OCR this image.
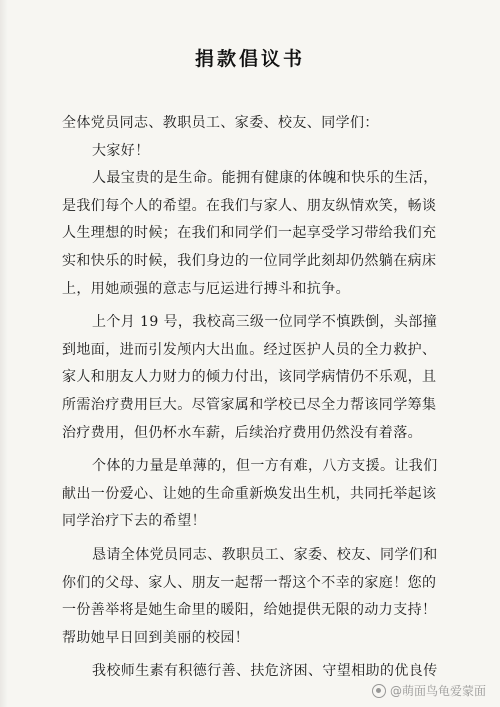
捐款倡议书
全体党员同志、教职员工、家委、校友、同学们：
大家好！
人最宝贵的是生命。能拥有健康的体魄和快乐的生活，
是我们每个人的希望。在我们与家人、朋友纵情欢笑，畅谈
人生理想的时候；在我们和同学们一起享受学习带给我们充
实和快乐的时候，我们身边的一位同学此刻却仍然躺在病床
上，用她顽强的意志与厄运进行搏斗和抗争。
上个月 19 号，我校高三级一位同学不慎跌倒，头部撞
到地面，进而引发颅内大出血。经过医护人员的全力救护、
家人和朋友人力财力的倾力付出，该同学病情仍不乐观，且
所需治疗费用巨大。尽管家属和学校已尽全力帮该同学筹集
治疗费用，但仍杯水车薪，后续治疗费用仍然没有着落。
个体的力量是单薄的，但一方有难，八方支援。让我们
献出一份爱心、让她的生命重新焕发出生机，共同托举起该
同学治疗下去的希望！
恳请全体党员同志、教职员工、家委、校友、同学们和
你们的父母、家人、朋友一起帮一帮这个不幸的家庭！您的
一份善举将是她生命里的暖阳，给她提供无限的动力支持！
帮助她早日回到美丽的校园！
我校师生素有积德行善、扶危济困、守望相助的优良传
@萌面鸟龟爱蒙面
